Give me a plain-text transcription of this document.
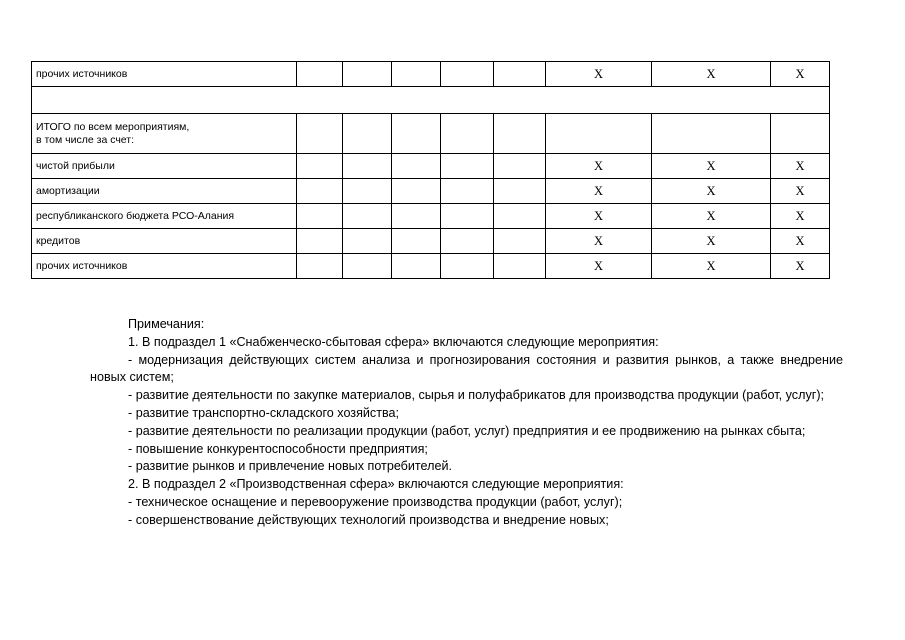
прочих источников						Х	Х	Х

ИТОГО по всем мероприятиям,
в том числе за счет:								

чистой прибыли						Х	Х	Х
амортизации						Х	Х	Х
республиканского бюджета РСО-Алания						Х	Х	Х
кредитов						Х	Х	Х
прочих источников						Х	Х	Х

Примечания:

1. В подраздел 1 «Снабженческо-сбытовая сфера» включаются следующие мероприятия:

- модернизация действующих систем анализа и прогнозирования состояния и развития рынков, а также внедрение новых систем;

- развитие деятельности по закупке материалов, сырья и полуфабрикатов для производства продукции (работ, услуг);

- развитие транспортно-складского хозяйства;

- развитие деятельности по реализации продукции (работ, услуг) предприятия и ее продвижению на рынках сбыта;

- повышение конкурентоспособности предприятия;

- развитие рынков и привлечение новых потребителей.

2. В подраздел 2 «Производственная сфера» включаются следующие мероприятия:

- техническое оснащение и перевооружение производства продукции (работ, услуг);

- совершенствование действующих технологий производства и внедрение новых;
